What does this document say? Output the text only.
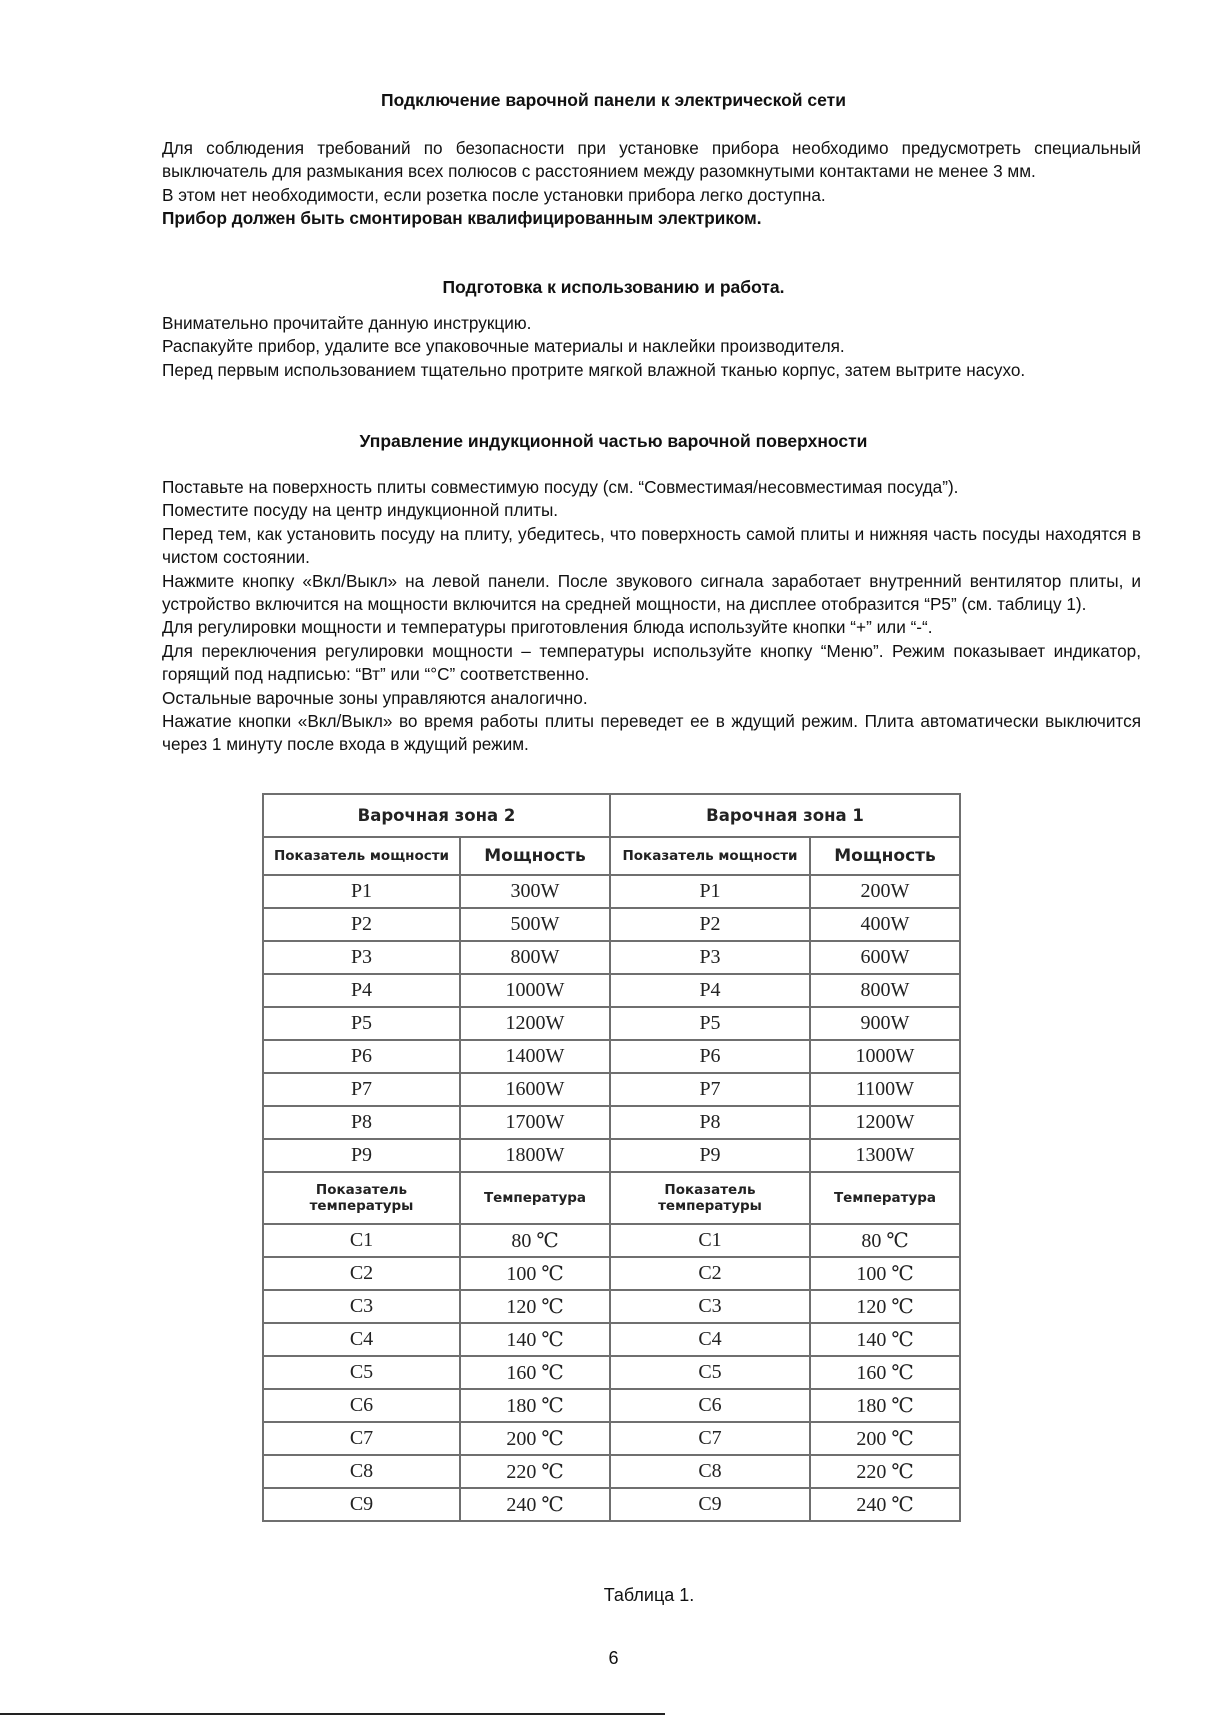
Подключение варочной панели к электрической сети
Для соблюдения требований по безопасности при установке прибора необходимо предусмотреть специальный выключатель для размыкания всех полюсов с расстоянием между разомкнутыми контактами не менее 3 мм.
В этом нет необходимости, если розетка после установки прибора легко доступна.
Прибор должен быть смонтирован квалифицированным электриком.
Подготовка к использованию и работа.
Внимательно прочитайте данную инструкцию.
Распакуйте прибор, удалите все упаковочные материалы и наклейки производителя.
Перед первым использованием тщательно протрите мягкой влажной тканью корпус, затем вытрите насухо.
Управление индукционной частью варочной поверхности
Поставьте на поверхность плиты совместимую посуду (см. “Совместимая/несовместимая посуда”).
Поместите посуду на центр индукционной плиты.
Перед тем, как установить посуду на плиту, убедитесь, что поверхность самой плиты и нижняя часть посуды находятся в чистом состоянии.
Нажмите кнопку «Вкл/Выкл» на левой панели. После звукового сигнала заработает внутренний вентилятор плиты, и устройство включится на мощности включится на средней мощности, на дисплее отобразится “P5” (см. таблицу 1).
Для регулировки мощности и температуры приготовления блюда используйте кнопки “+” или “-“.
Для переключения регулировки мощности – температуры используйте кнопку “Меню”. Режим показывает индикатор, горящий под надписью: “Вт” или “°C” соответственно.
Остальные варочные зоны управляются аналогично.
Нажатие кнопки «Вкл/Выкл» во время работы плиты переведет ее в ждущий режим. Плита автоматически выключится через 1 минуту после входа в ждущий режим.
Варочная зона 2		Варочная зона 1	
Показатель мощности	Мощность	Показатель мощности	Мощность
P1	300W	P1	200W
P2	500W	P2	400W
P3	800W	P3	600W
P4	1000W	P4	800W
P5	1200W	P5	900W
P6	1400W	P6	1000W
P7	1600W	P7	1100W
P8	1700W	P8	1200W
P9	1800W	P9	1300W
Показатель температуры	Температура	Показатель температуры	Температура
C1	80 ℃	C1	80 ℃
C2	100 ℃	C2	100 ℃
C3	120 ℃	C3	120 ℃
C4	140 ℃	C4	140 ℃
C5	160 ℃	C5	160 ℃
C6	180 ℃	C6	180 ℃
C7	200 ℃	C7	200 ℃
C8	220 ℃	C8	220 ℃
C9	240 ℃	C9	240 ℃
Таблица 1.
6
